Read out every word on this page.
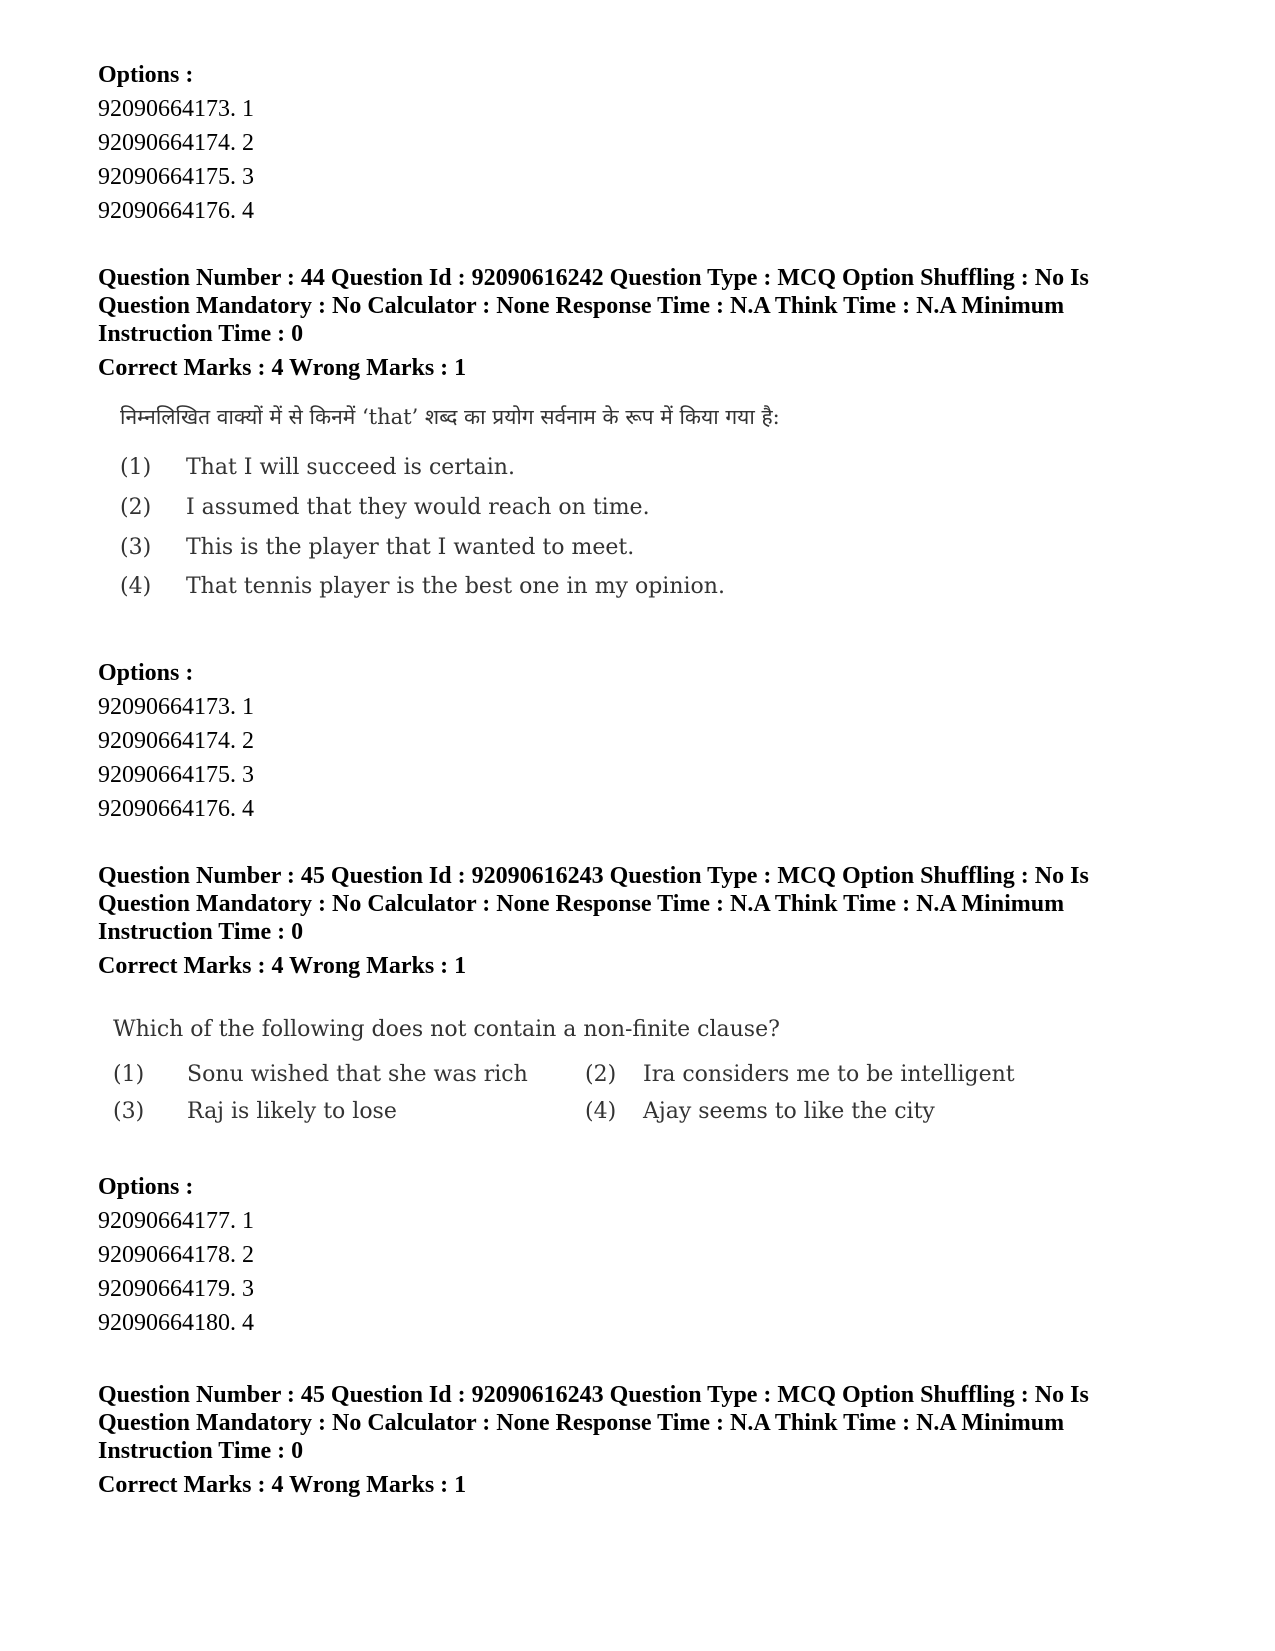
Options :
92090664173. 1
92090664174. 2
92090664175. 3
92090664176. 4
Question Number : 44 Question Id : 92090616242 Question Type : MCQ Option Shuffling : No Is Question Mandatory : No Calculator : None Response Time : N.A Think Time : N.A Minimum Instruction Time : 0
Correct Marks : 4 Wrong Marks : 1
निम्नलिखित वाक्यों में से किनमें ‘that’ शब्द का प्रयोग सर्वनाम के रूप में किया गया है:
(1) That I will succeed is certain.
(2) I assumed that they would reach on time.
(3) This is the player that I wanted to meet.
(4) That tennis player is the best one in my opinion.
Options :
92090664173. 1
92090664174. 2
92090664175. 3
92090664176. 4
Question Number : 45 Question Id : 92090616243 Question Type : MCQ Option Shuffling : No Is Question Mandatory : No Calculator : None Response Time : N.A Think Time : N.A Minimum Instruction Time : 0
Correct Marks : 4 Wrong Marks : 1
Which of the following does not contain a non-finite clause?
(1) Sonu wished that she was rich	(2) Ira considers me to be intelligent
(3) Raj is likely to lose	(4) Ajay seems to like the city
Options :
92090664177. 1
92090664178. 2
92090664179. 3
92090664180. 4
Question Number : 45 Question Id : 92090616243 Question Type : MCQ Option Shuffling : No Is Question Mandatory : No Calculator : None Response Time : N.A Think Time : N.A Minimum Instruction Time : 0
Correct Marks : 4 Wrong Marks : 1
